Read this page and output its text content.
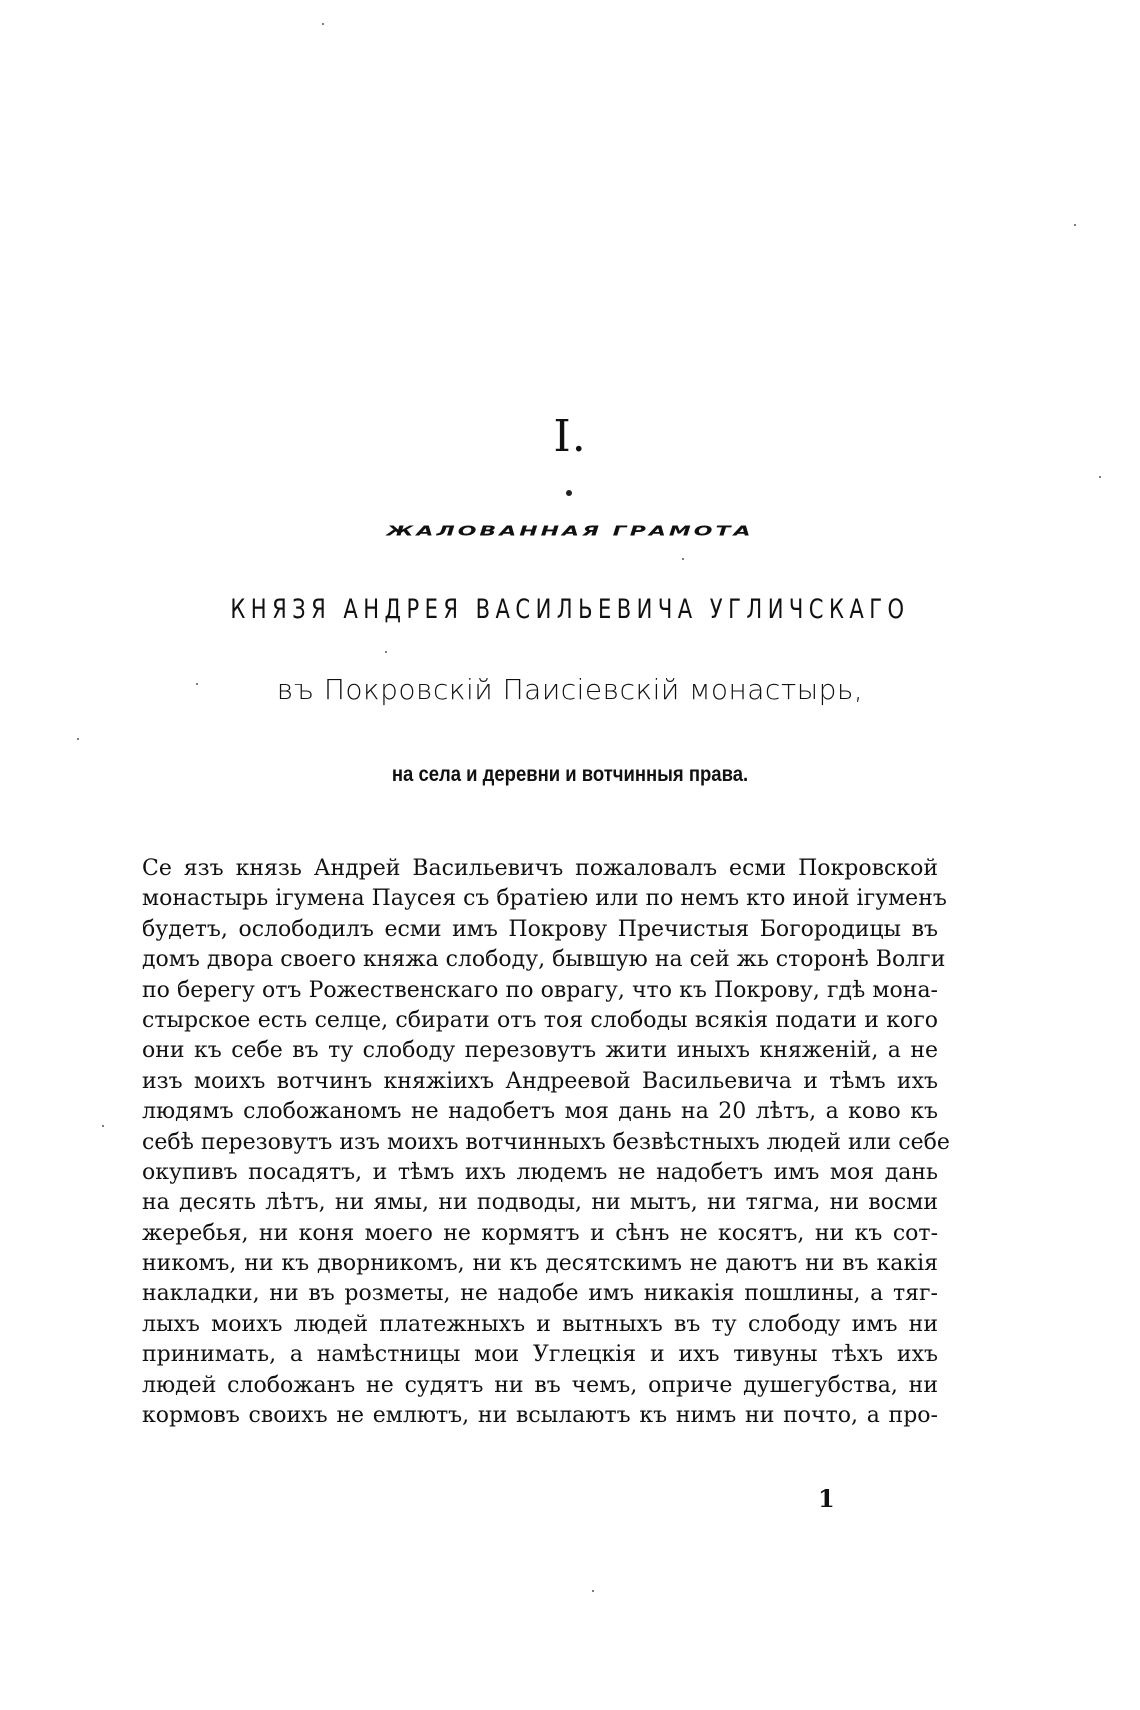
I.
ЖАЛОВАННАЯ ГРАМОТА
КНЯЗЯ АНДРЕЯ ВАСИЛЬЕВИЧА УГЛИЧСКАГО
въ Покровскій Паисіевскій монастырь,
на села и деревни и вотчинныя права.
Се язъ князь Андрей Васильевичъ пожаловалъ есми Покровской
монастырь ігумена Паусея съ братіею или по немъ кто иной ігуменъ
будетъ, ослободилъ есми имъ Покрову Пречистыя Богородицы въ
домъ двора своего княжа слободу, бывшую на сей жь сторонѣ Волги
по берегу отъ Рожественскаго по оврагу, что къ Покрову, гдѣ мона-
стырское есть селце, сбирати отъ тоя слободы всякія подати и кого
они къ себе въ ту слободу перезовутъ жити иныхъ княженій, а не
изъ моихъ вотчинъ княжіихъ Андреевой Васильевича и тѣмъ ихъ
людямъ слобожаномъ не надобетъ моя дань на 20 лѣтъ, а ково къ
себѣ перезовутъ изъ моихъ вотчинныхъ безвѣстныхъ людей или себе
окупивъ посадятъ, и тѣмъ ихъ людемъ не надобетъ имъ моя дань
на десять лѣтъ, ни ямы, ни подводы, ни мытъ, ни тягма, ни восми
жеребья, ни коня моего не кормятъ и сѣнъ не косятъ, ни къ сот-
никомъ, ни къ дворникомъ, ни къ десятскимъ не даютъ ни въ какія
накладки, ни въ розметы, не надобе имъ никакія пошлины, а тяг-
лыхъ моихъ людей платежныхъ и вытныхъ въ ту слободу имъ ни
принимать, а намѣстницы мои Углецкія и ихъ тивуны тѣхъ ихъ
людей слобожанъ не судятъ ни въ чемъ, опричe душегубства, ни
кормовъ своихъ не емлютъ, ни всылаютъ къ нимъ ни почто, а про-
1
